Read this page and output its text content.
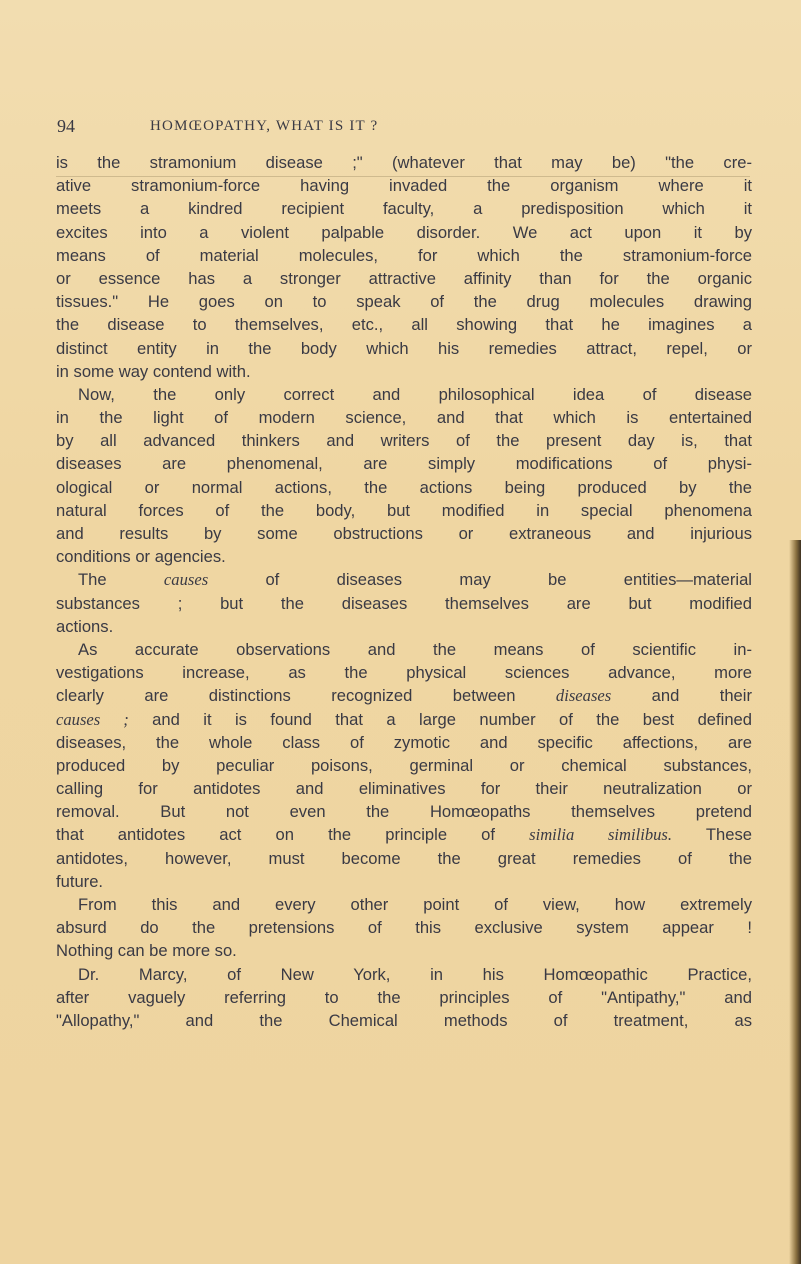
94	HOMŒOPATHY, WHAT IS IT ?
is the stramonium disease ;" (whatever that may be) "the cre-
ative stramonium-force having invaded the organism where it
meets a kindred recipient faculty, a predisposition which it
excites into a violent palpable disorder. We act upon it by
means of material molecules, for which the stramonium-force
or essence has a stronger attractive affinity than for the organic
tissues." He goes on to speak of the drug molecules drawing
the disease to themselves, etc., all showing that he imagines a
distinct entity in the body which his remedies attract, repel, or
in some way contend with.
Now, the only correct and philosophical idea of disease
in the light of modern science, and that which is entertained
by all advanced thinkers and writers of the present day is, that
diseases are phenomenal, are simply modifications of physi-
ological or normal actions, the actions being produced by the
natural forces of the body, but modified in special phenomena
and results by some obstructions or extraneous and injurious
conditions or agencies.
The causes of diseases may be entities—material
substances ; but the diseases themselves are but modified
actions.
As accurate observations and the means of scientific in-
vestigations increase, as the physical sciences advance, more
clearly are distinctions recognized between diseases and their
causes ; and it is found that a large number of the best defined
diseases, the whole class of zymotic and specific affections, are
produced by peculiar poisons, germinal or chemical substances,
calling for antidotes and eliminatives for their neutralization or
removal. But not even the Homœopaths themselves pretend
that antidotes act on the principle of similia similibus. These
antidotes, however, must become the great remedies of the
future.
From this and every other point of view, how extremely
absurd do the pretensions of this exclusive system appear !
Nothing can be more so.
Dr. Marcy, of New York, in his Homœopathic Practice,
after vaguely referring to the principles of "Antipathy," and
"Allopathy," and the Chemical methods of treatment, as
